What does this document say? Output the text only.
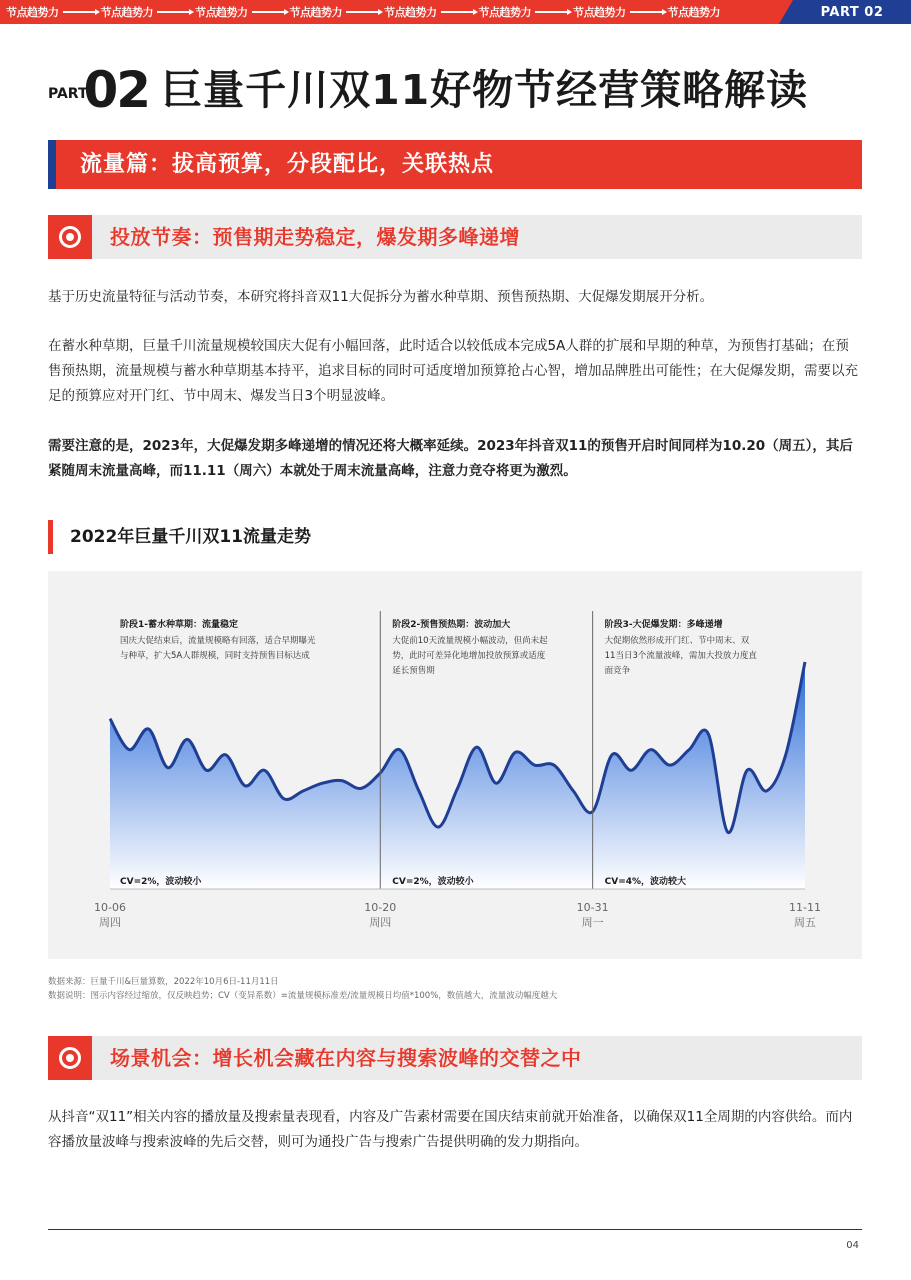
节点趋势力	节点趋势力	节点趋势力	节点趋势力	节点趋势力	节点趋势力	节点趋势力	节点趋势力	PART 02
PART
02 巨量千川双11好物节经营策略解读
流量篇：拔高预算，分段配比，关联热点
投放节奏：预售期走势稳定，爆发期多峰递增
基于历史流量特征与活动节奏，本研究将抖音双11大促拆分为蓄水种草期、预售预热期、大促爆发期展开分析。
在蓄水种草期，巨量千川流量规模较国庆大促有小幅回落，此时适合以较低成本完成5A人群的扩展和早期的种草，为预售打基础；在预售预热期，流量规模与蓄水种草期基本持平，追求目标的同时可适度增加预算抢占心智，增加品牌胜出可能性；在大促爆发期，需要以充足的预算应对开门红、节中周末、爆发当日3个明显波峰。
需要注意的是，2023年，大促爆发期多峰递增的情况还将大概率延续。2023年抖音双11的预售开启时间同样为10.20（周五），其后紧随周末流量高峰，而11.11（周六）本就处于周末流量高峰，注意力竞夺将更为激烈。
2022年巨量千川双11流量走势
阶段1-蓄水种草期：流量稳定
国庆大促结束后，流量规模略有回落，适合早期曝光
与种草，扩大5A人群规模，同时支持预售目标达成
CV=2%，波动较小
阶段2-预售预热期：波动加大
大促前10天流量规模小幅波动，但尚未起
势，此时可差异化地增加投放预算或适度
延长预售期
CV=2%，波动较小
阶段3-大促爆发期：多峰递增
大促期依然形成开门红、节中周末、双
11当日3个流量波峰，需加大投放力度直
面竞争
CV=4%，波动较大
10-06
周四
10-20
周四
10-31
周一
11-11
周五
数据来源：巨量千川&巨量算数，2022年10月6日-11月11日
数据说明：图示内容经过缩放，仅反映趋势；CV（变异系数）=流量规模标准差/流量规模日均值*100%，数值越大，流量波动幅度越大
场景机会：增长机会藏在内容与搜索波峰的交替之中
从抖音“双11”相关内容的播放量及搜索量表现看，内容及广告素材需要在国庆结束前就开始准备，以确保双11全周期的内容供给。而内容播放量波峰与搜索波峰的先后交替，则可为通投广告与搜索广告提供明确的发力期指向。
04
